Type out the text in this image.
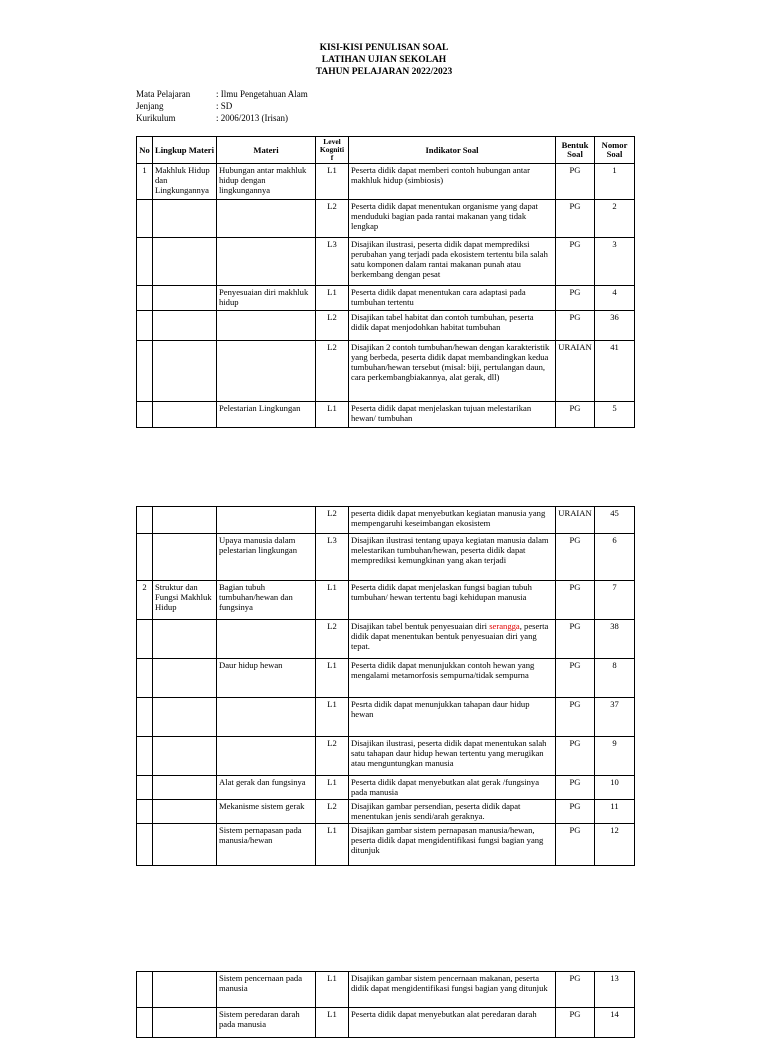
KISI-KISI PENULISAN SOAL
LATIHAN UJIAN SEKOLAH
TAHUN PELAJARAN 2022/2023
Mata Pelajaran	: Ilmu Pengetahuan Alam
Jenjang	: SD
Kurikulum	: 2006/2013 (Irisan)
No	Lingkup Materi	Materi	Level Kogniti f	Indikator Soal	Bentuk Soal	Nomor Soal
1	Makhluk Hidup dan Lingkungannya	Hubungan antar makhluk hidup dengan lingkungannya	L1	Peserta didik dapat memberi contoh hubungan antar makhluk hidup (simbiosis)	PG	1
			L2	Peserta didik dapat menentukan organisme yang dapat menduduki bagian pada rantai makanan yang tidak lengkap	PG	2
			L3	Disajikan ilustrasi, peserta didik dapat memprediksi perubahan yang terjadi pada ekosistem tertentu bila salah satu komponen dalam rantai makanan punah atau berkembang dengan pesat	PG	3
		Penyesuaian diri makhluk hidup	L1	Peserta didik dapat menentukan cara adaptasi pada tumbuhan tertentu	PG	4
			L2	Disajikan tabel habitat dan contoh tumbuhan, peserta didik dapat menjodohkan habitat tumbuhan	PG	36
			L2	Disajikan 2 contoh tumbuhan/hewan dengan karakteristik yang berbeda, peserta didik dapat membandingkan kedua tumbuhan/hewan tersebut (misal: biji, pertulangan daun, cara perkembangbiakannya, alat gerak, dll)	URAIAN	41
		Pelestarian Lingkungan	L1	Peserta didik dapat menjelaskan tujuan melestarikan hewan/ tumbuhan	PG	5
			L2	peserta didik dapat menyebutkan kegiatan manusia yang mempengaruhi keseimbangan ekosistem	URAIAN	45
		Upaya manusia dalam pelestarian lingkungan	L3	Disajikan ilustrasi tentang upaya kegiatan manusia dalam melestarikan tumbuhan/hewan, peserta didik dapat memprediksi kemungkinan yang akan terjadi	PG	6
2	Struktur dan Fungsi Makhluk Hidup	Bagian tubuh tumbuhan/hewan dan fungsinya	L1	Peserta didik dapat menjelaskan fungsi bagian tubuh tumbuhan/ hewan tertentu bagi kehidupan manusia	PG	7
			L2	Disajikan tabel bentuk penyesuaian diri serangga, peserta didik dapat menentukan bentuk penyesuaian diri yang tepat.	PG	38
		Daur hidup hewan	L1	Peserta didik dapat menunjukkan contoh hewan yang mengalami metamorfosis sempurna/tidak sempurna	PG	8
			L1	Pesrta didik dapat menunjukkan tahapan daur hidup hewan	PG	37
			L2	Disajikan ilustrasi, peserta didik dapat menentukan salah satu tahapan daur hidup hewan tertentu yang merugikan atau menguntungkan manusia	PG	9
		Alat gerak dan fungsinya	L1	Peserta didik dapat menyebutkan alat gerak /fungsinya pada manusia	PG	10
		Mekanisme sistem gerak	L2	Disajikan gambar persendian, peserta didik dapat menentukan jenis sendi/arah geraknya.	PG	11
		Sistem pernapasan pada manusia/hewan	L1	Disajikan gambar sistem pernapasan manusia/hewan, peserta didik dapat mengidentifikasi fungsi bagian yang ditunjuk	PG	12
		Sistem pencernaan pada manusia	L1	Disajikan gambar sistem pencernaan makanan, peserta didik dapat mengidentifikasi fungsi bagian yang ditunjuk	PG	13
		Sistem peredaran darah pada manusia	L1	Peserta didik dapat menyebutkan alat peredaran darah	PG	14
